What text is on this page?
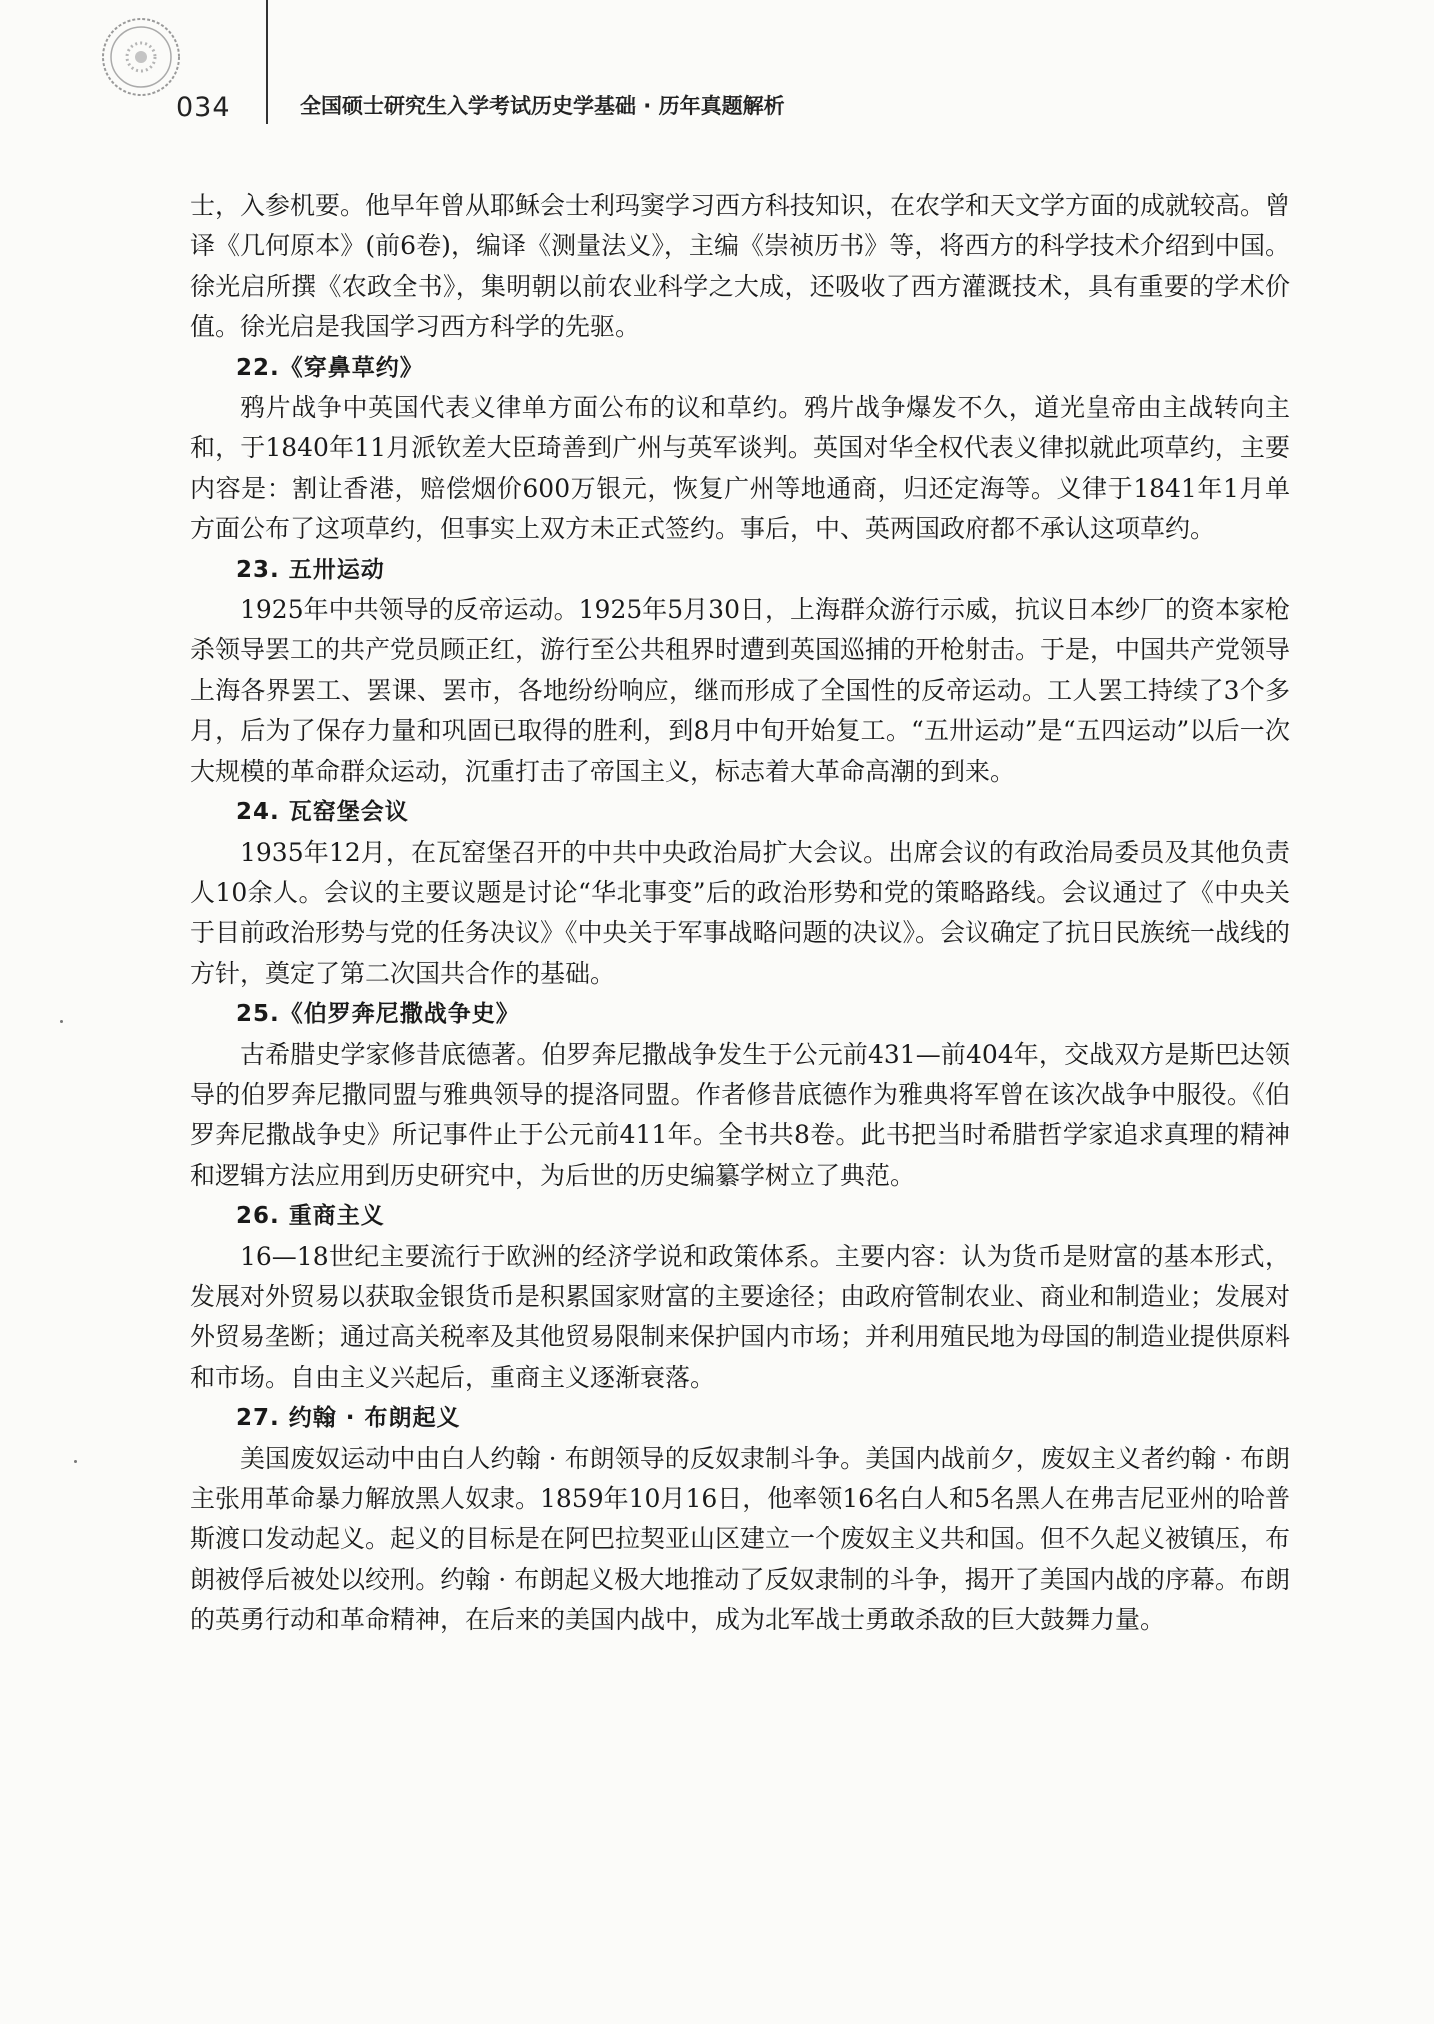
034	全国硕士研究生入学考试历史学基础 · 历年真题解析

士，入参机要。他早年曾从耶稣会士利玛窦学习西方科技知识，在农学和天文学方面的成就较高。曾译《几何原本》(前6卷)，编译《测量法义》，主编《崇祯历书》等，将西方的科学技术介绍到中国。徐光启所撰《农政全书》，集明朝以前农业科学之大成，还吸收了西方灌溉技术，具有重要的学术价值。徐光启是我国学习西方科学的先驱。

22.《穿鼻草约》

鸦片战争中英国代表义律单方面公布的议和草约。鸦片战争爆发不久，道光皇帝由主战转向主和，于1840年11月派钦差大臣琦善到广州与英军谈判。英国对华全权代表义律拟就此项草约，主要内容是：割让香港，赔偿烟价600万银元，恢复广州等地通商，归还定海等。义律于1841年1月单方面公布了这项草约，但事实上双方未正式签约。事后，中、英两国政府都不承认这项草约。

23. 五卅运动

1925年中共领导的反帝运动。1925年5月30日，上海群众游行示威，抗议日本纱厂的资本家枪杀领导罢工的共产党员顾正红，游行至公共租界时遭到英国巡捕的开枪射击。于是，中国共产党领导上海各界罢工、罢课、罢市，各地纷纷响应，继而形成了全国性的反帝运动。工人罢工持续了3个多月，后为了保存力量和巩固已取得的胜利，到8月中旬开始复工。“五卅运动”是“五四运动”以后一次大规模的革命群众运动，沉重打击了帝国主义，标志着大革命高潮的到来。

24. 瓦窑堡会议

1935年12月，在瓦窑堡召开的中共中央政治局扩大会议。出席会议的有政治局委员及其他负责人10余人。会议的主要议题是讨论“华北事变”后的政治形势和党的策略路线。会议通过了《中央关于目前政治形势与党的任务决议》《中央关于军事战略问题的决议》。会议确定了抗日民族统一战线的方针，奠定了第二次国共合作的基础。

25.《伯罗奔尼撒战争史》

古希腊史学家修昔底德著。伯罗奔尼撒战争发生于公元前431—前404年，交战双方是斯巴达领导的伯罗奔尼撒同盟与雅典领导的提洛同盟。作者修昔底德作为雅典将军曾在该次战争中服役。《伯罗奔尼撒战争史》所记事件止于公元前411年。全书共8卷。此书把当时希腊哲学家追求真理的精神和逻辑方法应用到历史研究中，为后世的历史编纂学树立了典范。

26. 重商主义

16—18世纪主要流行于欧洲的经济学说和政策体系。主要内容：认为货币是财富的基本形式，发展对外贸易以获取金银货币是积累国家财富的主要途径；由政府管制农业、商业和制造业；发展对外贸易垄断；通过高关税率及其他贸易限制来保护国内市场；并利用殖民地为母国的制造业提供原料和市场。自由主义兴起后，重商主义逐渐衰落。

27. 约翰 · 布朗起义

美国废奴运动中由白人约翰 · 布朗领导的反奴隶制斗争。美国内战前夕，废奴主义者约翰 · 布朗主张用革命暴力解放黑人奴隶。1859年10月16日，他率领16名白人和5名黑人在弗吉尼亚州的哈普斯渡口发动起义。起义的目标是在阿巴拉契亚山区建立一个废奴主义共和国。但不久起义被镇压，布朗被俘后被处以绞刑。约翰 · 布朗起义极大地推动了反奴隶制的斗争，揭开了美国内战的序幕。布朗的英勇行动和革命精神，在后来的美国内战中，成为北军战士勇敢杀敌的巨大鼓舞力量。
